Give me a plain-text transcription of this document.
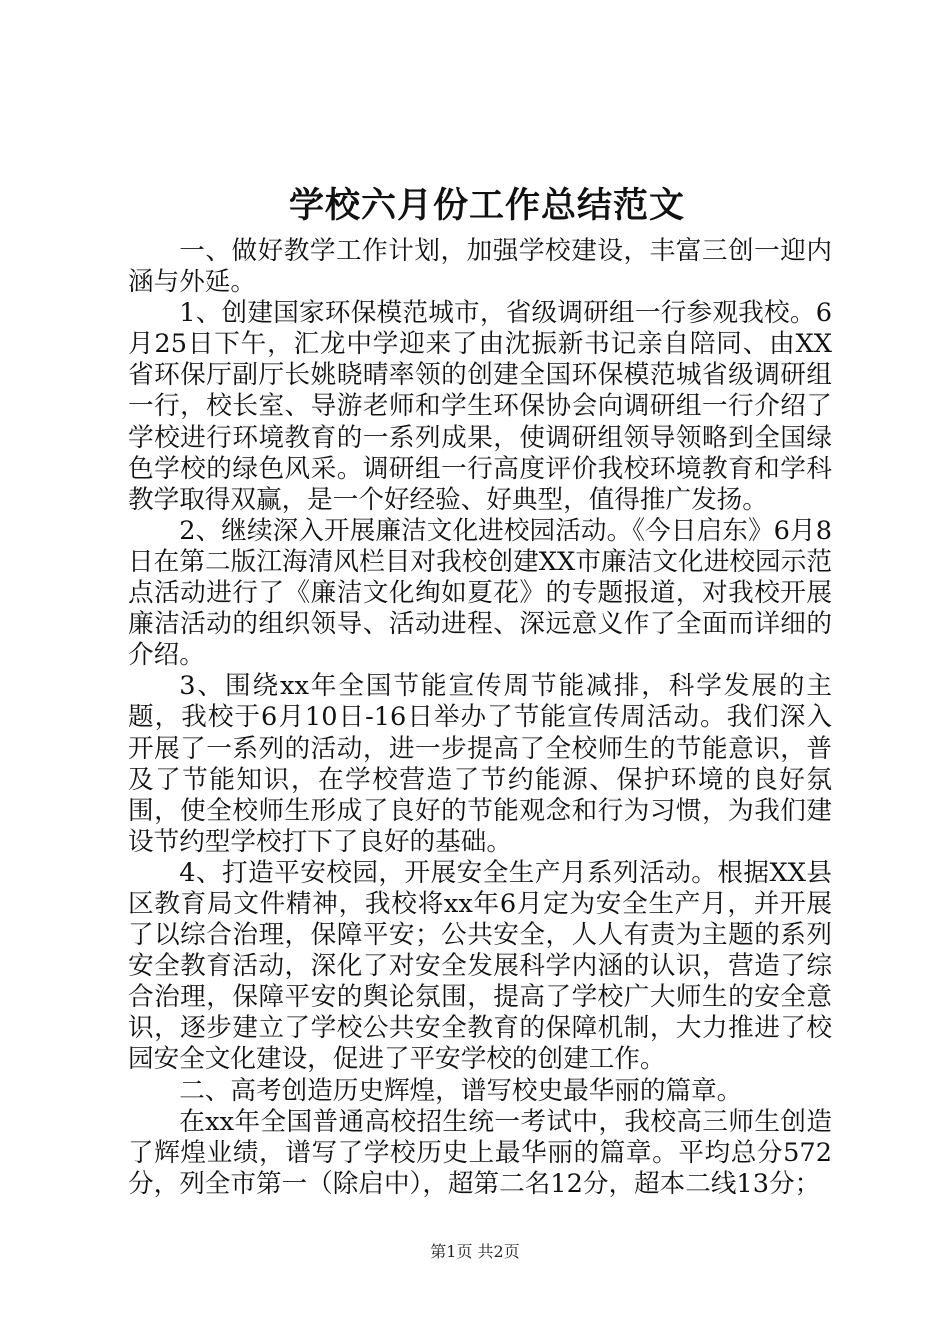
学校六月份工作总结范文

一、做好教学工作计划，加强学校建设，丰富三创一迎内涵与外延。

1、创建国家环保模范城市，省级调研组一行参观我校。6月25日下午，汇龙中学迎来了由沈振新书记亲自陪同、由XX省环保厅副厅长姚晓晴率领的创建全国环保模范城省级调研组一行，校长室、导游老师和学生环保协会向调研组一行介绍了学校进行环境教育的一系列成果，使调研组领导领略到全国绿色学校的绿色风采。调研组一行高度评价我校环境教育和学科教学取得双赢，是一个好经验、好典型，值得推广发扬。

2、继续深入开展廉洁文化进校园活动。《今日启东》6月8日在第二版江海清风栏目对我校创建XX市廉洁文化进校园示范点活动进行了《廉洁文化绚如夏花》的专题报道，对我校开展廉洁活动的组织领导、活动进程、深远意义作了全面而详细的介绍。

3、围绕xx年全国节能宣传周节能减排，科学发展的主题，我校于6月10日-16日举办了节能宣传周活动。我们深入开展了一系列的活动，进一步提高了全校师生的节能意识，普及了节能知识，在学校营造了节约能源、保护环境的良好氛围，使全校师生形成了良好的节能观念和行为习惯，为我们建设节约型学校打下了良好的基础。

4、打造平安校园，开展安全生产月系列活动。根据XX县区教育局文件精神，我校将xx年6月定为安全生产月，并开展了以综合治理，保障平安；公共安全，人人有责为主题的系列安全教育活动，深化了对安全发展科学内涵的认识，营造了综合治理，保障平安的舆论氛围，提高了学校广大师生的安全意识，逐步建立了学校公共安全教育的保障机制，大力推进了校园安全文化建设，促进了平安学校的创建工作。

二、高考创造历史辉煌，谱写校史最华丽的篇章。

在xx年全国普通高校招生统一考试中，我校高三师生创造了辉煌业绩，谱写了学校历史上最华丽的篇章。平均总分572分，列全市第一（除启中），超第二名12分，超本二线13分；

第1页 共2页
